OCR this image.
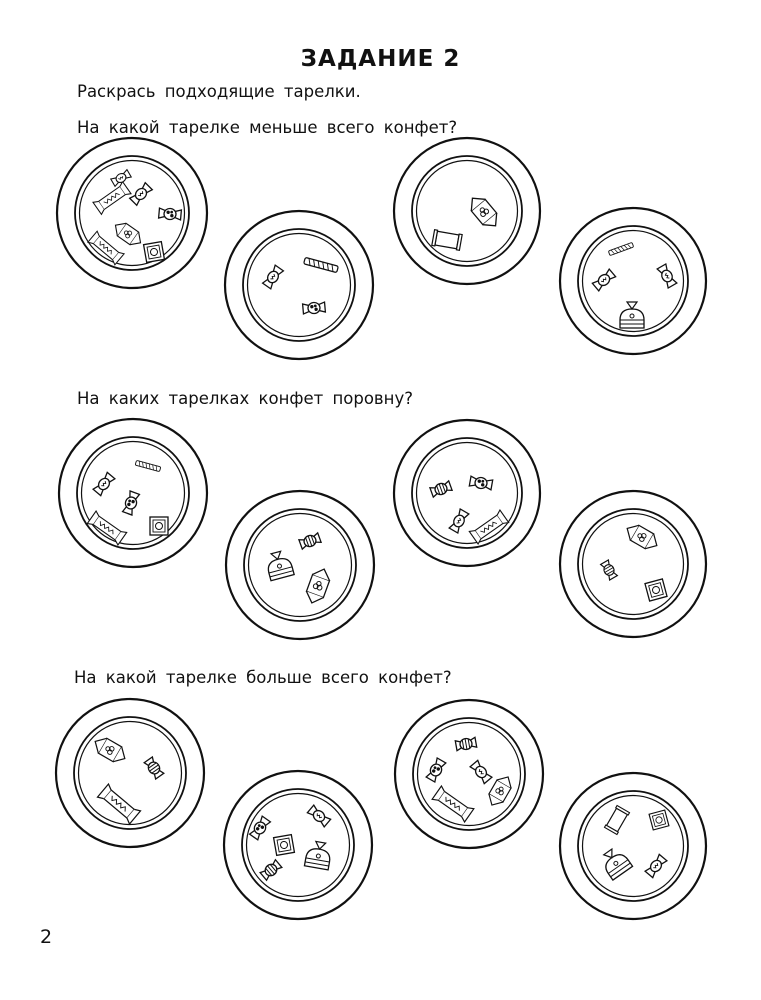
ЗАДАНИЕ 2
Раскрась подходящие тарелки.
На какой тарелке меньше всего конфет?
На каких тарелках конфет поровну?
На какой тарелке больше всего конфет?
2
